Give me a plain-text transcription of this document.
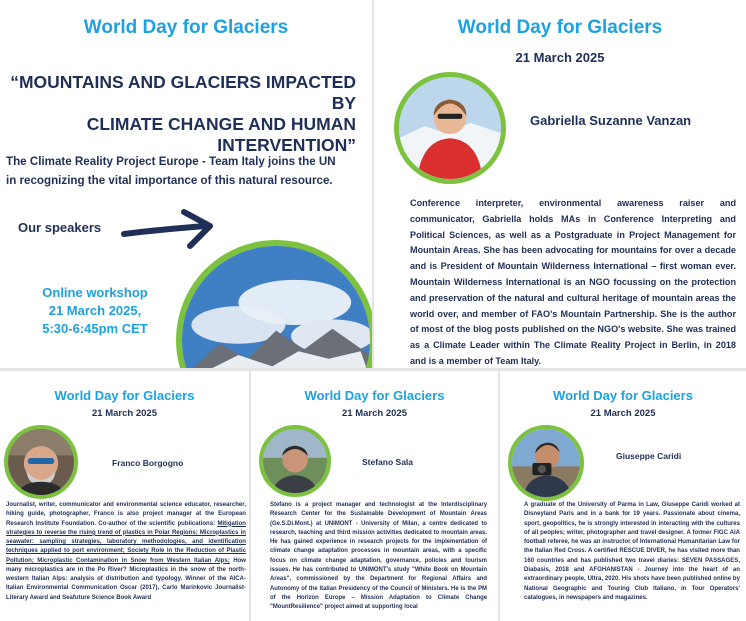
World Day for Glaciers
“MOUNTAINS AND GLACIERS IMPACTED BY
CLIMATE CHANGE AND HUMAN
INTERVENTION”
The Climate Reality Project Europe - Team Italy joins the UN
in recognizing the vital importance of this natural resource.
Our speakers
Online workshop
21 March 2025,
5:30-6:45pm CET
World Day for Glaciers
21 March 2025
Gabriella Suzanne Vanzan
Conference interpreter, environmental awareness raiser and communicator, Gabriella holds MAs in Conference Interpreting and Political Sciences, as well as a Postgraduate in Project Management for Mountain Areas. She has been advocating for mountains for over a decade and is President of Mountain Wilderness International – first woman ever. Mountain Wilderness International is an NGO focussing on the protection and preservation of the natural and cultural heritage of mountain areas the world over, and member of FAO's Mountain Partnership. She is the author of most of the blog posts published on the NGO's website. She was trained as a Climate Leader within The Climate Reality Project in Berlin, in 2018 and is a member of Team Italy.
World Day for Glaciers
21 March 2025
Franco Borgogno
Journalist, writer, communicator and environmental science educator, researcher, hiking guide, photographer, Franco is also project manager at the European Research Institute Foundation. Co-author of the scientific publications: Mitigation strategies to reverse the rising trend of plastics in Polar Regions; Microplastics in seawater: sampling strategies, laboratory methodologies, and identification techniques applied to port environment; Society Role in the Reduction of Plastic Pollution; Microplastic Contamination in Snow from Western Italian Alps; How many microplastics are in the Po River? Microplastics in the snow of the north-western Italian Alps: analysis of distribution and typology. Winner of the AICA-Italian Environmental Communication Oscar (2017), Carlo Marinkovic Journalist-Literary Award and Seafuture Science Book Award
World Day for Glaciers
21 March 2025
Stefano Sala
Stefano is a project manager and technologist at the Interdisciplinary Research Center for the Sustainable Development of Mountain Areas (Ge.S.Di.Mont.) at UNIMONT - University of Milan, a centre dedicated to research, teaching and third mission activities dedicated to mountain areas. He has gained experience in research projects for the implementation of climate change adaptation processes in mountain areas, with a specific focus on climate change adaptation, governance, policies and tourism issues. He has contributed to UNIMONT's study "White Book on Mountain Areas", commissioned by the Department for Regional Affairs and Autonomy of the Italian Presidency of the Council of Ministers. He is the PM of the Horizon Europe – Mission Adaptation to Climate Change "MountResilience" project aimed at supporting local
World Day for Glaciers
21 March 2025
Giuseppe Caridi
A graduate of the University of Parma in Law, Giuseppe Caridi worked at Disneyland Paris and in a bank for 19 years. Passionate about cinema, sport, geopolitics, he is strongly interested in interacting with the cultures of all peoples; writer, photographer and travel designer. A former FIGC AIA football referee, he was an instructor of International Humanitarian Law for the Italian Red Cross. A certified RESCUE DIVER, he has visited more than 160 countries and has published two travel diaries: SEVEN PASSAGES, Diabasis, 2018 and AFGHANISTAN - Journey into the heart of an extraordinary people, Ultra, 2020. His shots have been published online by National Geographic and Touring Club Italiano, in Tour Operators' catalogues, in newspapers and magazines.
